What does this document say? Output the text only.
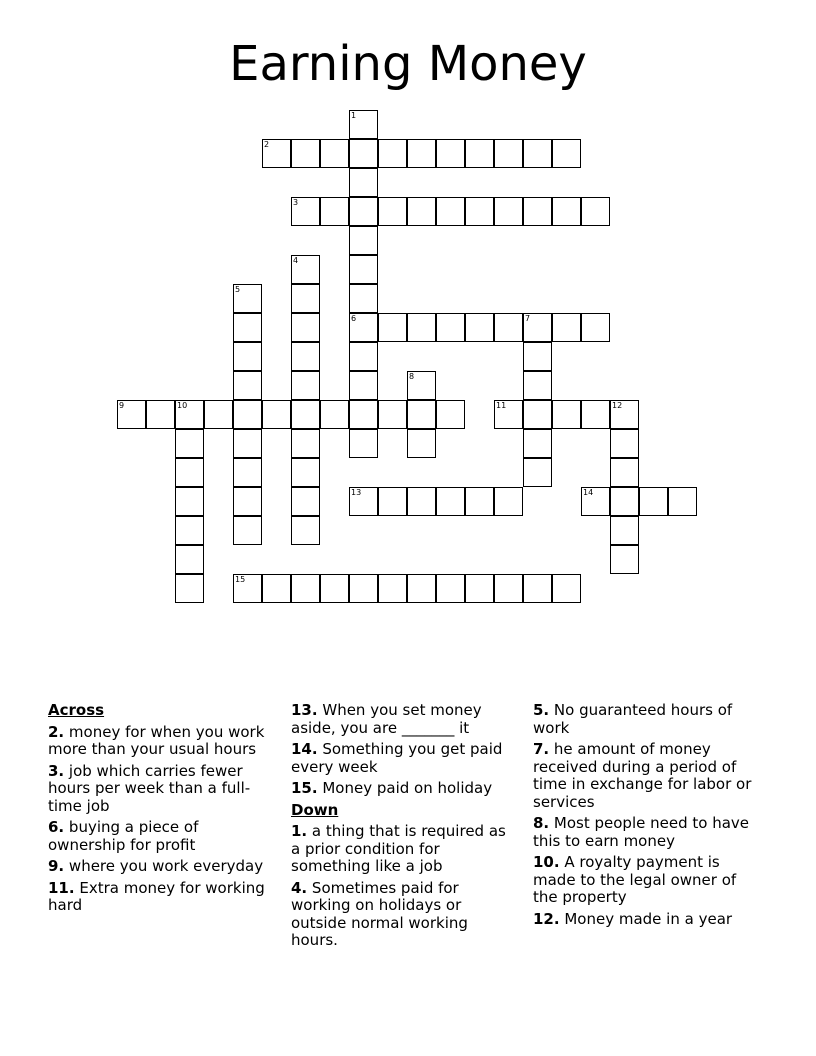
Earning Money
1
6
2
3
4
5
7
8
9	10	11	12
13	14
15
Across
2. money for when you work more than your usual hours
3. job which carries fewer hours per week than a full-time job
6. buying a piece of ownership for profit
9. where you work everyday
11. Extra money for working hard
13. When you set money aside, you are _______ it
14. Something you get paid every week
15. Money paid on holiday
Down
1. a thing that is required as a prior condition for something like a job
4. Sometimes paid for working on holidays or outside normal working hours.
5. No guaranteed hours of work
7. he amount of money received during a period of time in exchange for labor or services
8. Most people need to have this to earn money
10. A royalty payment is made to the legal owner of the property
12. Money made in a year
